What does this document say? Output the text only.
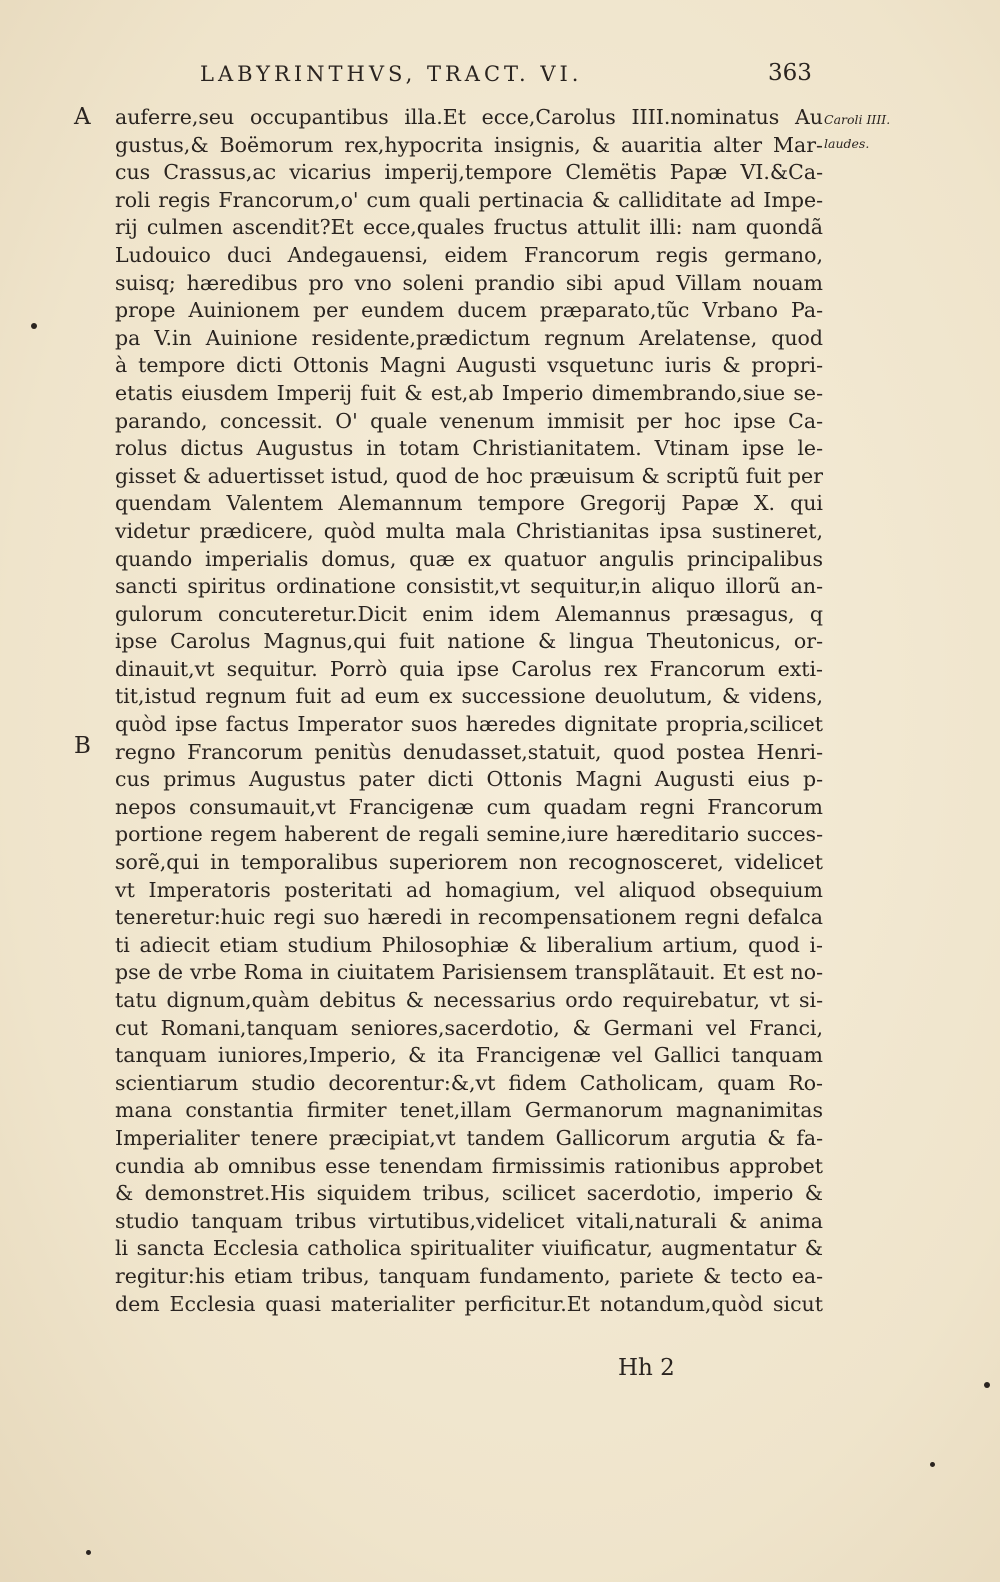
LABYRINTHVS, TRACT. VI.	363
A
B
Caroli IIII.
laudes.
auferre,seu occupantibus illa.Et ecce,Carolus IIII.nominatus Au
gustus,& Boëmorum rex,hypocrita insignis, & auaritia alter Mar-
cus Crassus,ac vicarius imperij,tempore Clemëtis Papæ VI.&Ca-
roli regis Francorum,o' cum quali pertinacia & calliditate ad Impe-
rij culmen ascendit?Et ecce,quales fructus attulit illi: nam quondã
Ludouico duci Andegauensi, eidem Francorum regis germano,
suisq; hæredibus pro vno soleni prandio sibi apud Villam nouam
prope Auinionem per eundem ducem præparato,tũc Vrbano Pa-
pa V.in Auinione residente,prædictum regnum Arelatense, quod
à tempore dicti Ottonis Magni Augusti vsquetunc iuris & propri-
etatis eiusdem Imperij fuit & est,ab Imperio dimembrando,siue se-
parando, concessit. O' quale venenum immisit per hoc ipse Ca-
rolus dictus Augustus in totam Christianitatem. Vtinam ipse le-
gisset & aduertisset istud, quod de hoc præuisum & scriptũ fuit per
quendam Valentem Alemannum tempore Gregorij Papæ X. qui
videtur prædicere, quòd multa mala Christianitas ipsa sustineret,
quando imperialis domus, quæ ex quatuor angulis principalibus
sancti spiritus ordinatione consistit,vt sequitur,in aliquo illorũ an-
gulorum concuteretur.Dicit enim idem Alemannus præsagus, q
ipse Carolus Magnus,qui fuit natione & lingua Theutonicus, or-
dinauit,vt sequitur. Porrò quia ipse Carolus rex Francorum exti-
tit,istud regnum fuit ad eum ex successione deuolutum, & videns,
quòd ipse factus Imperator suos hæredes dignitate propria,scilicet
regno Francorum penitùs denudasset,statuit, quod postea Henri-
cus primus Augustus pater dicti Ottonis Magni Augusti eius p-
nepos consumauit,vt Francigenæ cum quadam regni Francorum
portione regem haberent de regali semine,iure hæreditario succes-
sorẽ,qui in temporalibus superiorem non recognosceret, videlicet
vt Imperatoris posteritati ad homagium, vel aliquod obsequium
teneretur:huic regi suo hæredi in recompensationem regni defalca
ti adiecit etiam studium Philosophiæ & liberalium artium, quod i-
pse de vrbe Roma in ciuitatem Parisiensem transplãtauit. Et est no-
tatu dignum,quàm debitus & necessarius ordo requirebatur, vt si-
cut Romani,tanquam seniores,sacerdotio, & Germani vel Franci,
tanquam iuniores,Imperio, & ita Francigenæ vel Gallici tanquam
scientiarum studio decorentur:&,vt fidem Catholicam, quam Ro-
mana constantia firmiter tenet,illam Germanorum magnanimitas
Imperialiter tenere præcipiat,vt tandem Gallicorum argutia & fa-
cundia ab omnibus esse tenendam firmissimis rationibus approbet
& demonstret.His siquidem tribus, scilicet sacerdotio, imperio &
studio tanquam tribus virtutibus,videlicet vitali,naturali & anima
li sancta Ecclesia catholica spiritualiter viuificatur, augmentatur &
regitur:his etiam tribus, tanquam fundamento, pariete & tecto ea-
dem Ecclesia quasi materialiter perficitur.Et notandum,quòd sicut
Hh 2
